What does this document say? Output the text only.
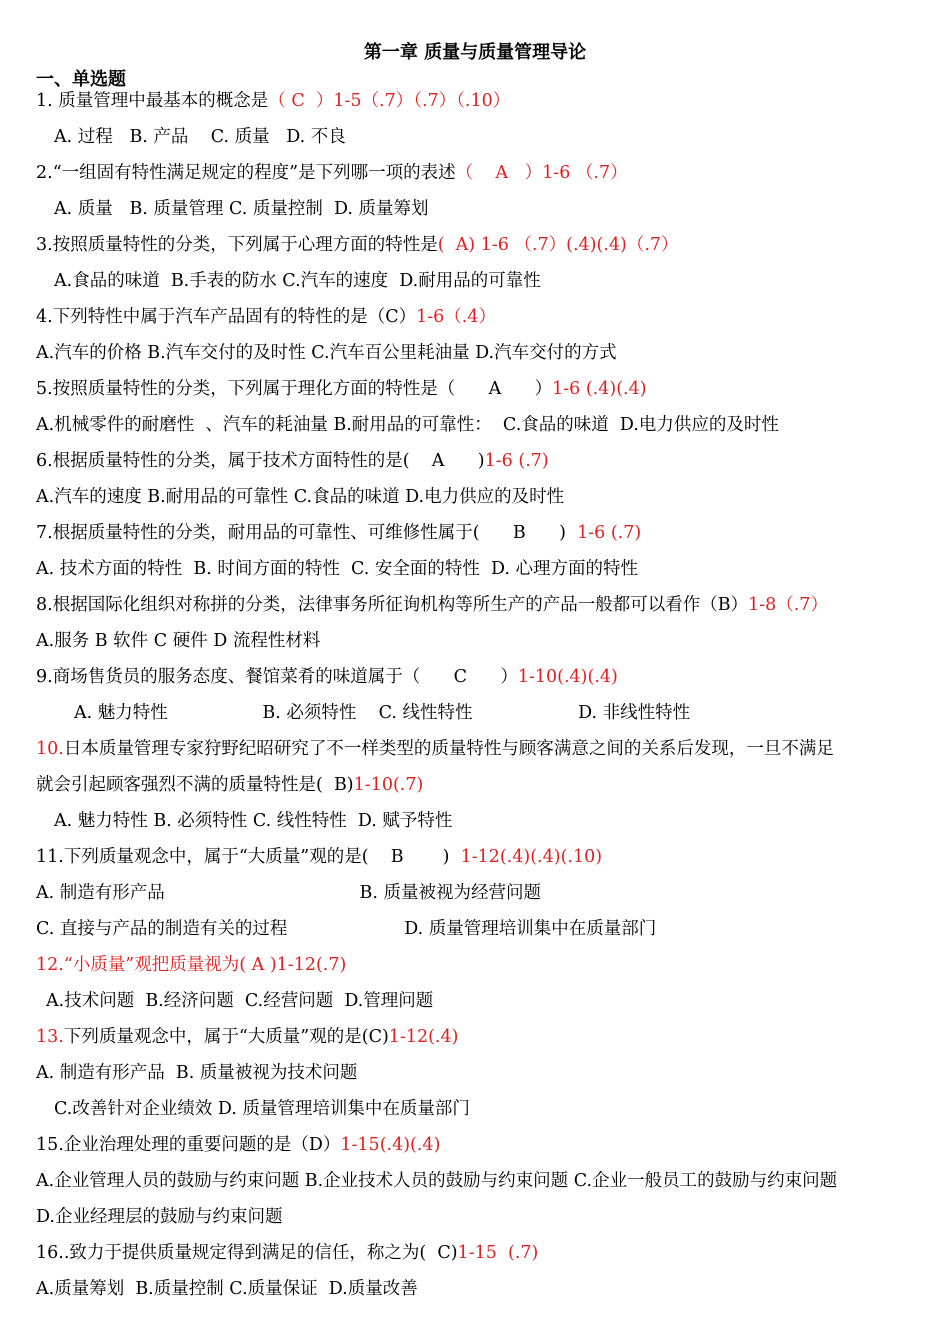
第一章 质量与质量管理导论
一、单选题
1. 质量管理中最基本的概念是（ C  ）1-5（.7）（.7）（.10）
A. 过程   B. 产品    C. 质量   D. 不良
2.“一组固有特性满足规定的程度”是下列哪一项的表述（    A   ）1-6 （.7）
A. 质量   B. 质量管理 C. 质量控制  D. 质量筹划
3.按照质量特性的分类，下列属于心理方面的特性是(  A) 1-6 （.7）(.4)(.4)（.7）
A.食品的味道  B.手表的防水 C.汽车的速度  D.耐用品的可靠性
4.下列特性中属于汽车产品固有的特性的是（C）1-6（.4）
A.汽车的价格 B.汽车交付的及时性 C.汽车百公里耗油量 D.汽车交付的方式
5.按照质量特性的分类，下列属于理化方面的特性是（      A      ）1-6 (.4)(.4)
A.机械零件的耐磨性  、汽车的耗油量 B.耐用品的可靠性：  C.食品的味道  D.电力供应的及时性
6.根据质量特性的分类，属于技术方面特性的是(    A      )1-6 (.7)
A.汽车的速度 B.耐用品的可靠性 C.食品的味道 D.电力供应的及时性
7.根据质量特性的分类，耐用品的可靠性、可维修性属于(      B      )  1-6 (.7)
A. 技术方面的特性  B. 时间方面的特性  C. 安全面的特性  D. 心理方面的特性
8.根据国际化组织对称拼的分类，法律事务所征询机构等所生产的产品一般都可以看作（B）1-8（.7）
A.服务 B 软件 C 硬件 D 流程性材料
9.商场售货员的服务态度、餐馆菜肴的味道属于（      C      ）1-10(.4)(.4)
A. 魅力特性                 B. 必须特性    C. 线性特性                   D. 非线性特性
10.日本质量管理专家狩野纪昭研究了不一样类型的质量特性与顾客满意之间的关系后发现，一旦不满足
就会引起顾客强烈不满的质量特性是(  B)1-10(.7)
A. 魅力特性 B. 必须特性 C. 线性特性  D. 赋予特性
11.下列质量观念中，属于“大质量”观的是(    B       )  1-12(.4)(.4)(.10)
A. 制造有形产品                                   B. 质量被视为经营问题
C. 直接与产品的制造有关的过程                     D. 质量管理培训集中在质量部门
12.“小质量”观把质量视为( A )1-12(.7)
A.技术问题  B.经济问题  C.经营问题  D.管理问题
13.下列质量观念中，属于“大质量”观的是(C)1-12(.4)
A. 制造有形产品  B. 质量被视为技术问题
C.改善针对企业绩效 D. 质量管理培训集中在质量部门
15.企业治理处理的重要问题的是（D）1-15(.4)(.4)
A.企业管理人员的鼓励与约束问题 B.企业技术人员的鼓励与约束问题 C.企业一般员工的鼓励与约束问题
D.企业经理层的鼓励与约束问题
16..致力于提供质量规定得到满足的信任，称之为(  C)1-15  (.7)
A.质量筹划  B.质量控制 C.质量保证  D.质量改善
